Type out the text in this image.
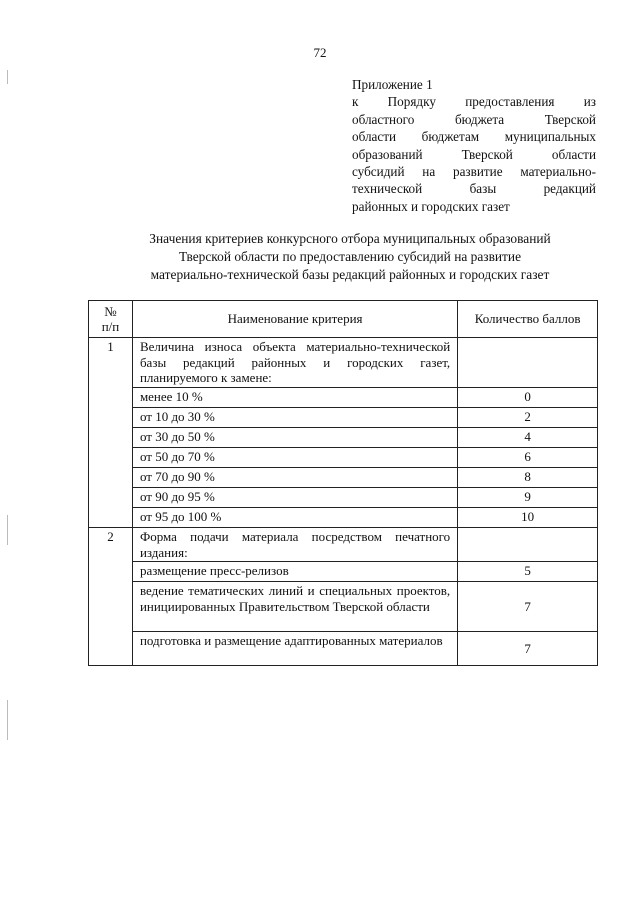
72
Приложение 1
к Порядку предоставления из
областного бюджета Тверской
области бюджетам муниципальных
образований Тверской области
субсидий на развитие материально-
технической базы редакций
районных и городских газет
Значения критериев конкурсного отбора муниципальных образований
Тверской области по предоставлению субсидий на развитие
материально-технической базы редакций районных и городских газет
№
п/п	Наименование критерия	Количество баллов
1	Величина износа объекта материально-технической базы редакций районных и городских газет, планируемого к замене:	
	менее 10 %	0
	от 10 до 30 %	2
	от 30 до 50 %	4
	от 50 до 70 %	6
	от 70 до 90 %	8
	от 90 до 95 %	9
	от 95 до 100 %	10
2	Форма подачи материала посредством печатного издания:	
	размещение пресс-релизов	5
	ведение тематических линий и специальных проектов, инициированных Правительством Тверской области	7
	подготовка и размещение адаптированных материалов	7
